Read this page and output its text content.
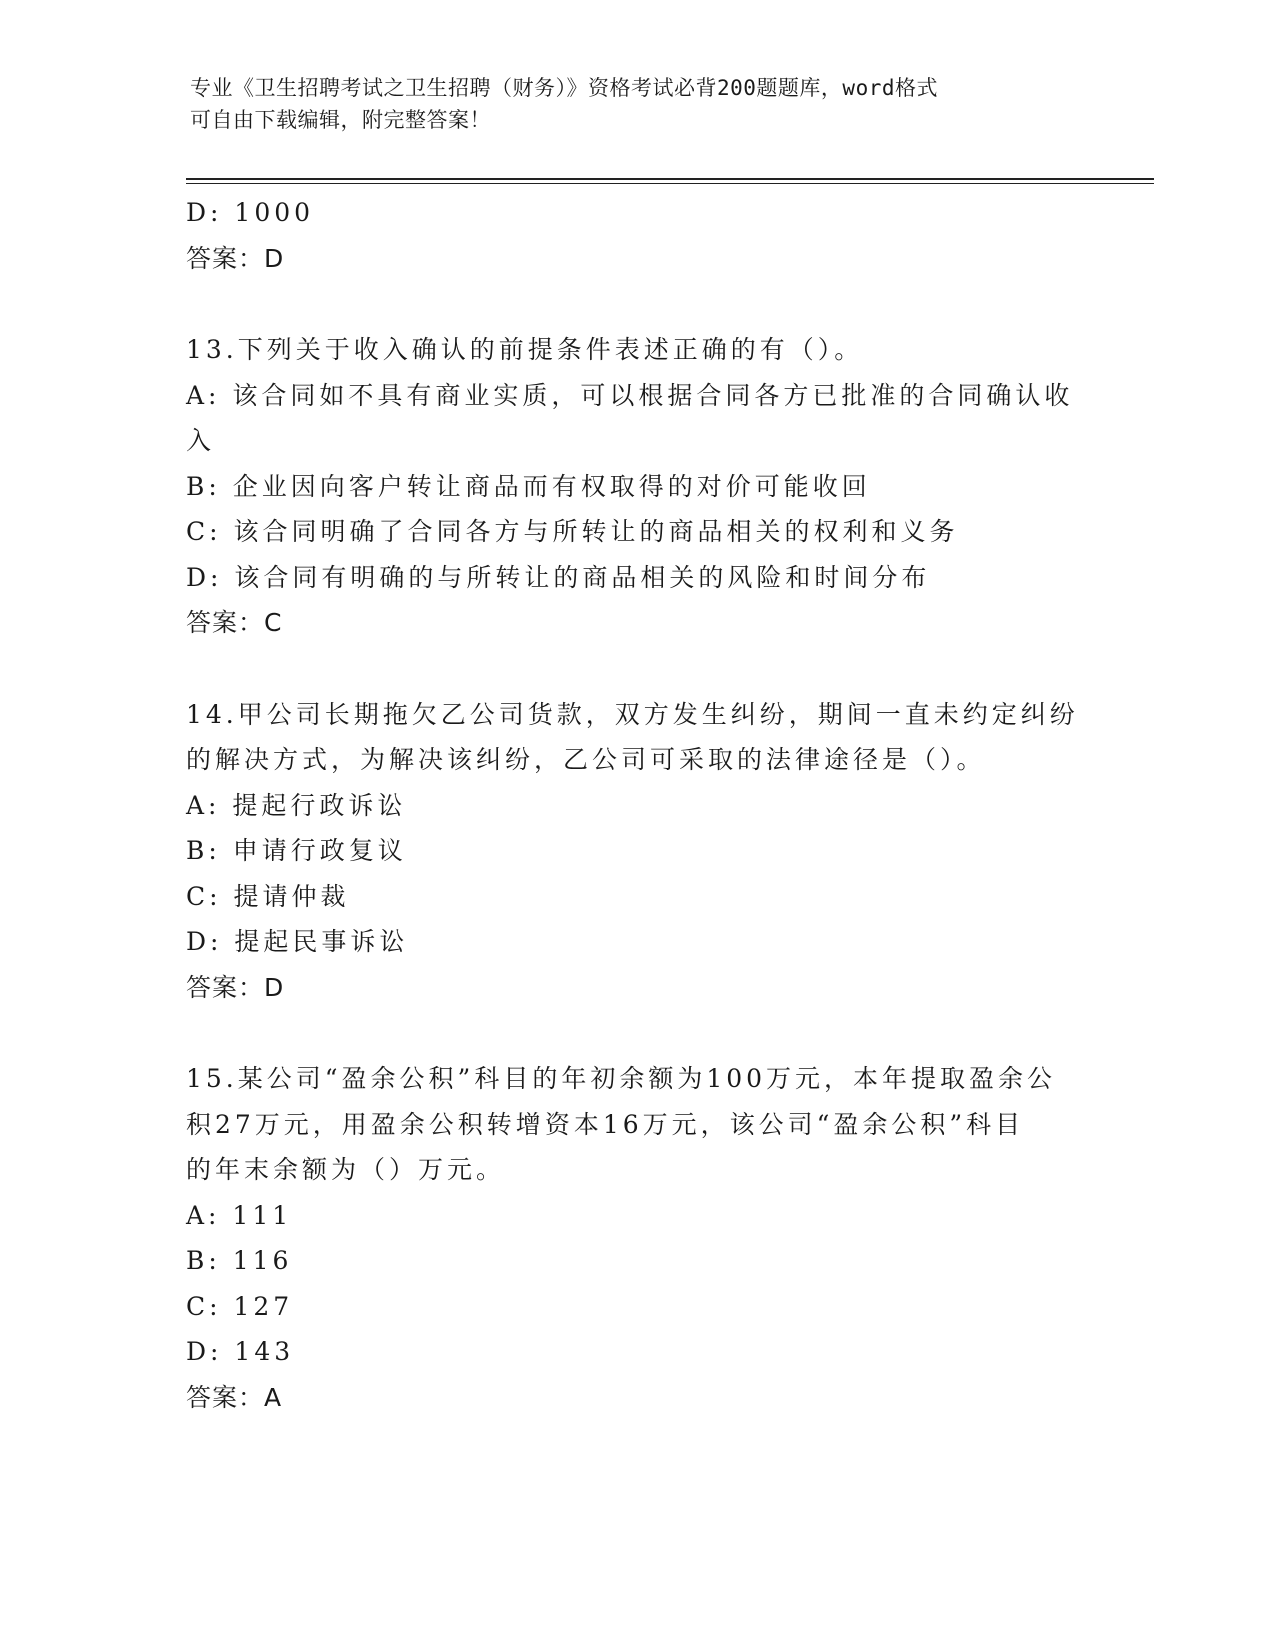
专业《卫生招聘考试之卫生招聘（财务）》资格考试必背200题题库，word格式
可自由下载编辑，附完整答案！
D: 1000
答案：D
13.下列关于收入确认的前提条件表述正确的有（）。
A: 该合同如不具有商业实质，可以根据合同各方已批准的合同确认收
入
B: 企业因向客户转让商品而有权取得的对价可能收回
C: 该合同明确了合同各方与所转让的商品相关的权利和义务
D: 该合同有明确的与所转让的商品相关的风险和时间分布
答案：C
14.甲公司长期拖欠乙公司货款，双方发生纠纷，期间一直未约定纠纷
的解决方式，为解决该纠纷，乙公司可采取的法律途径是（）。
A: 提起行政诉讼
B: 申请行政复议
C: 提请仲裁
D: 提起民事诉讼
答案：D
15.某公司“盈余公积”科目的年初余额为100万元，本年提取盈余公
积27万元，用盈余公积转增资本16万元，该公司“盈余公积”科目
的年末余额为（）万元。
A: 111
B: 116
C: 127
D: 143
答案：A
